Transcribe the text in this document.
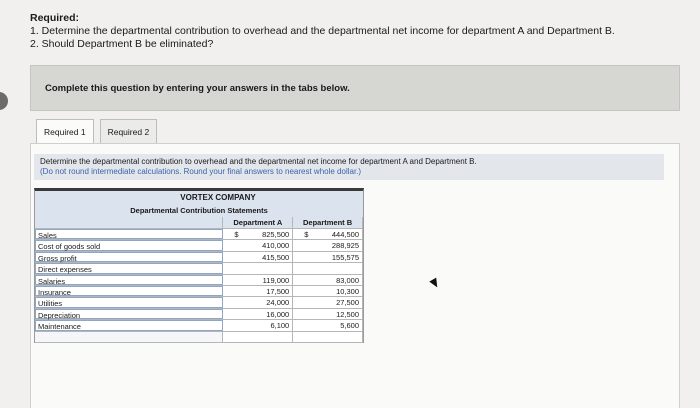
Required:
1. Determine the departmental contribution to overhead and the departmental net income for department A and Department B.
2. Should Department B be eliminated?
Complete this question by entering your answers in the tabs below.
Required 1	Required 2
Determine the departmental contribution to overhead and the departmental net income for department A and Department B.
(Do not round intermediate calculations. Round your final answers to nearest whole dollar.)
VORTEX COMPANY
Departmental Contribution Statements
Department A	Department B
Sales	$	825,500	$	444,500
Cost of goods sold	410,000	288,925
Gross profit	415,500	155,575
Direct expenses
Salaries	119,000	83,000
Insurance	17,500	10,300
Utilities	24,000	27,500
Depreciation	16,000	12,500
Maintenance	6,100	5,600
